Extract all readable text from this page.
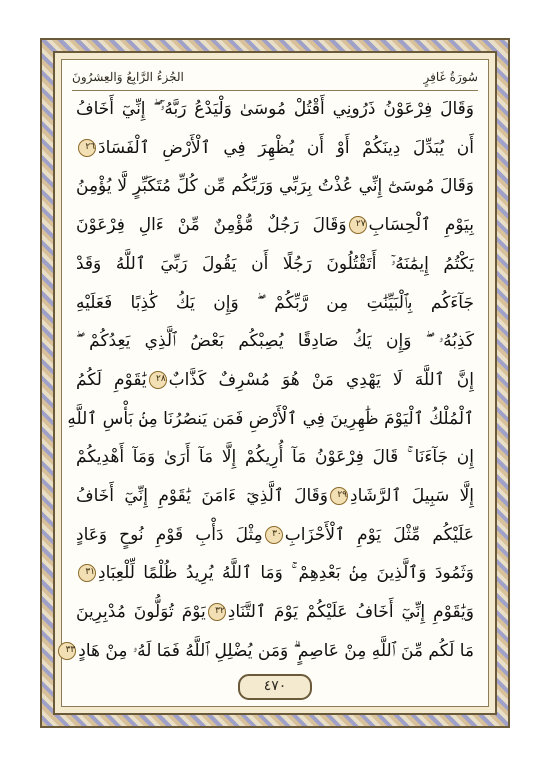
الجُزءُ الرَّابِعُ وَالعِشرُونَ	سُورَةُ غَافِرٍ
وَقَالَ فِرْعَوْنُ ذَرُونِي أَقْتُلْ مُوسَىٰ وَلْيَدْعُ رَبَّهُۥٓ ۖ إِنِّيٓ أَخَافُ
أَن يُبَدِّلَ دِينَكُمْ أَوْ أَن يُظْهِرَ فِي ٱلْأَرْضِ ٱلْفَسَادَ٢٦
وَقَالَ مُوسَىٰٓ إِنِّي عُذْتُ بِرَبِّي وَرَبِّكُم مِّن كُلِّ مُتَكَبِّرٍ لَّا يُؤْمِنُ
بِيَوْمِ ٱلْحِسَابِ٢٧وَقَالَ رَجُلٌ مُّؤْمِنٌ مِّنْ ءَالِ فِرْعَوْنَ
يَكْتُمُ إِيمَٰنَهُۥٓ أَتَقْتُلُونَ رَجُلًا أَن يَقُولَ رَبِّيَ ٱللَّهُ وَقَدْ
جَآءَكُم بِٱلْبَيِّنَٰتِ مِن رَّبِّكُمْ ۖ وَإِن يَكُ كَٰذِبًا فَعَلَيْهِ
كَذِبُهُۥ ۖ وَإِن يَكُ صَادِقًا يُصِبْكُم بَعْضُ ٱلَّذِي يَعِدُكُمْ ۖ
إِنَّ ٱللَّهَ لَا يَهْدِي مَنْ هُوَ مُسْرِفٌ كَذَّابٌ٢٨يَٰقَوْمِ لَكُمُ
ٱلْمُلْكُ ٱلْيَوْمَ ظَٰهِرِينَ فِي ٱلْأَرْضِ فَمَن يَنصُرُنَا مِنۢ بَأْسِ ٱللَّهِ
إِن جَآءَنَا ۚ قَالَ فِرْعَوْنُ مَآ أُرِيكُمْ إِلَّا مَآ أَرَىٰ وَمَآ أَهْدِيكُمْ
إِلَّا سَبِيلَ ٱلرَّشَادِ٢٩وَقَالَ ٱلَّذِيٓ ءَامَنَ يَٰقَوْمِ إِنِّيٓ أَخَافُ
عَلَيْكُم مِّثْلَ يَوْمِ ٱلْأَحْزَابِ٣٠مِثْلَ دَأْبِ قَوْمِ نُوحٍ وَعَادٍ
وَثَمُودَ وَٱلَّذِينَ مِنۢ بَعْدِهِمْ ۚ وَمَا ٱللَّهُ يُرِيدُ ظُلْمًا لِّلْعِبَادِ٣١
وَيَٰقَوْمِ إِنِّيٓ أَخَافُ عَلَيْكُمْ يَوْمَ ٱلتَّنَادِ٣٢يَوْمَ تُوَلُّونَ مُدْبِرِينَ
مَا لَكُم مِّنَ ٱللَّهِ مِنْ عَاصِمٍ ۗ وَمَن يُضْلِلِ ٱللَّهُ فَمَا لَهُۥ مِنْ هَادٍ٣٣
٤٧٠
